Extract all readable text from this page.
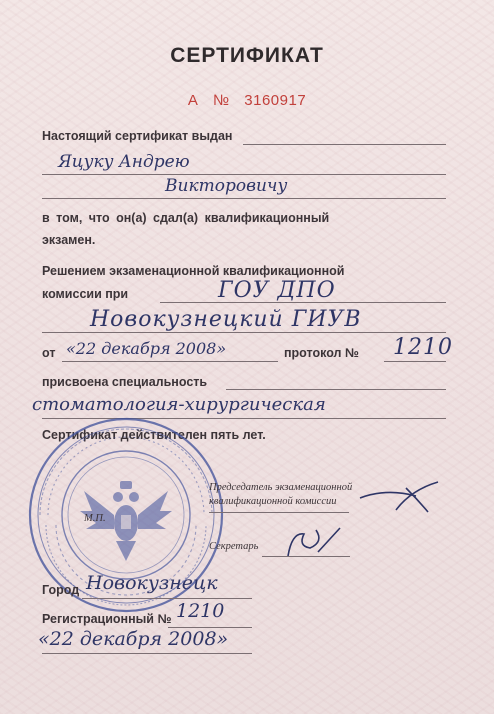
СЕРТИФИКАТ
А № 3160917
Настоящий сертификат выдан
Яцуку Андрею
Викторовичу
в том, что он(а) сдал(а) квалификационный
экзамен.
Решением экзаменационной квалификационной
комиссии при	ГОУ ДПО
Новокузнецкий ГИУВ
от «22 декабря 2008»	протокол № 1210
присвоена специальность
стоматология-хирургическая
Сертификат действителен пять лет.
Председатель экзаменационной
квалификационной комиссии
М.П.
Секретарь
Город Новокузнецк
Регистрационный № 1210
«22 декабря 2008»
